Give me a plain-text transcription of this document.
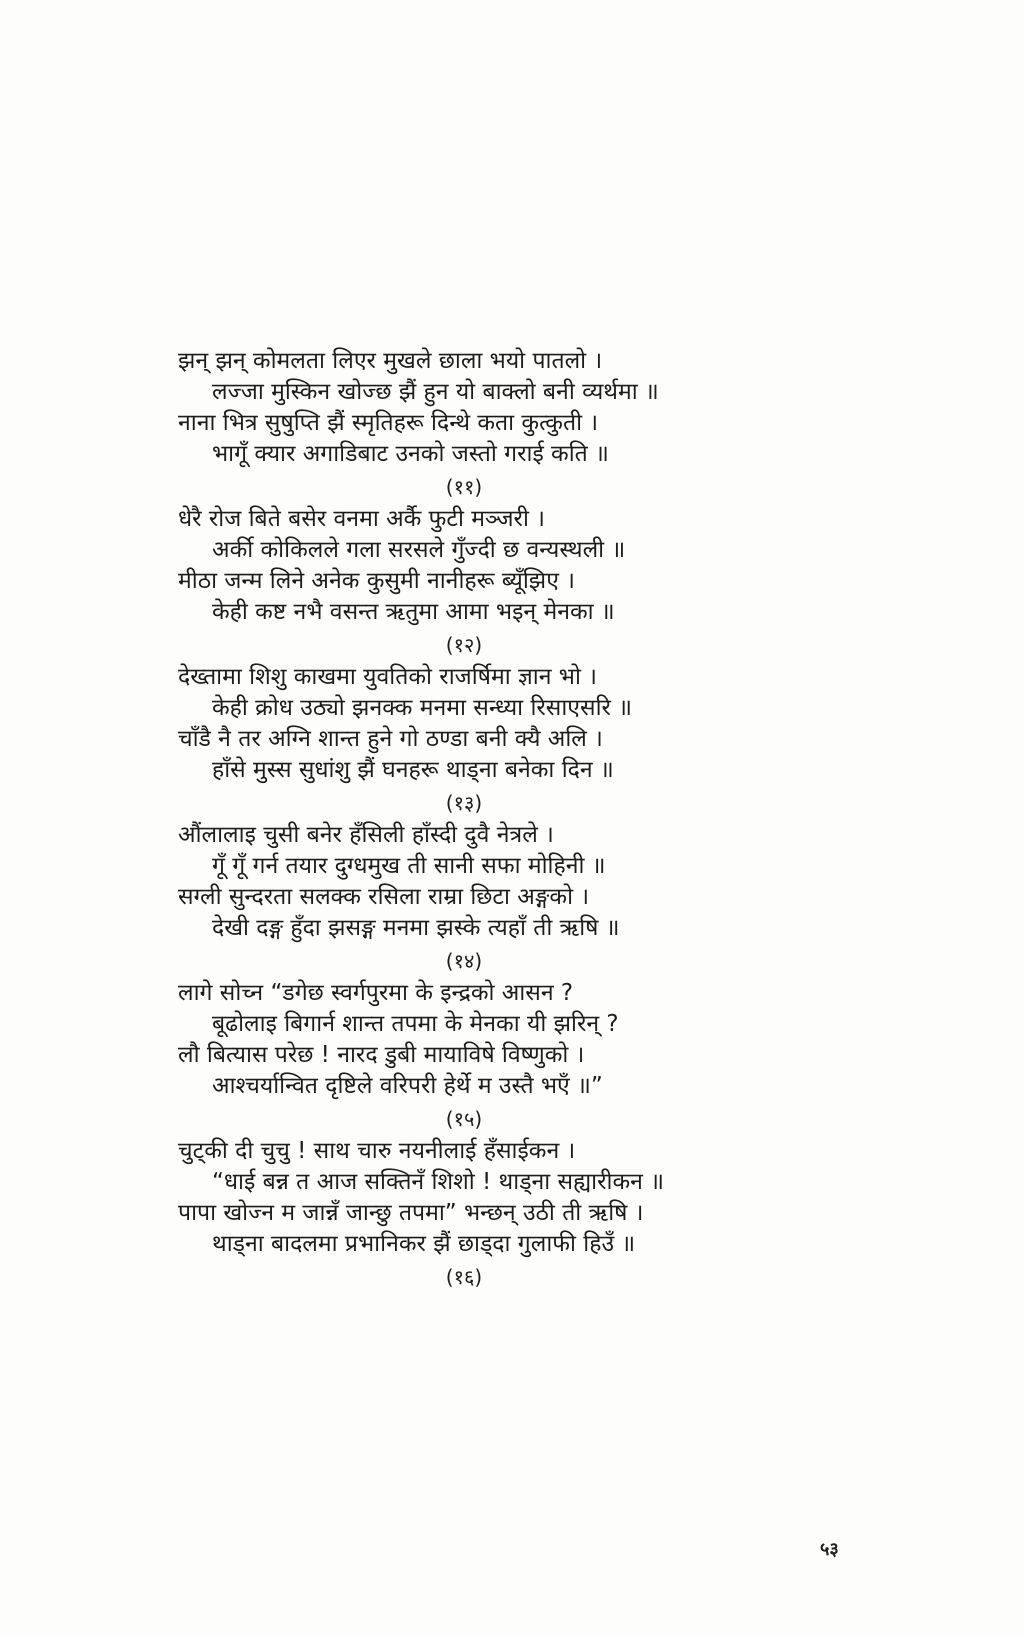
झन् झन् कोमलता लिएर मुखले छाला भयो पातलो ।

लज्जा मुस्किन खोज्छ झैं हुन यो बाक्लो बनी व्यर्थमा ॥

नाना भित्र सुषुप्ति झैं स्मृतिहरू दिन्थे कता कुत्कुती ।

भागूँ क्यार अगाडिबाट उनको जस्तो गराई कति ॥

(११)

धेरै रोज बिते बसेर वनमा अर्कै फुटी मञ्जरी ।

अर्की कोकिलले गला सरसले गुँज्दी छ वन्यस्थली ॥

मीठा जन्म लिने अनेक कुसुमी नानीहरू ब्यूँझिए ।

केही कष्ट नभै वसन्त ऋतुमा आमा भइन् मेनका ॥

(१२)

देख्तामा शिशु काखमा युवतिको राजर्षिमा ज्ञान भो ।

केही क्रोध उठ्यो झनक्क मनमा सन्ध्या रिसाएसरि ॥

चाँडै नै तर अग्नि शान्त हुने गो ठण्डा बनी क्यै अलि ।

हाँसे मुस्स सुधांशु झैं घनहरू थाड्ना बनेका दिन ॥

(१३)

औंलालाइ चुसी बनेर हँसिली हाँस्दी दुवै नेत्रले ।

गूँ गूँ गर्न तयार दुग्धमुख ती सानी सफा मोहिनी ॥

सग्ली सुन्दरता सलक्क रसिला राम्रा छिटा अङ्गको ।

देखी दङ्ग हुँदा झसङ्ग मनमा झस्के त्यहाँ ती ऋषि ॥

(१४)

लागे सोच्न “डगेछ स्वर्गपुरमा के इन्द्रको आसन ?

बूढोलाइ बिगार्न शान्त तपमा के मेनका यी झरिन् ?

लौ बित्यास परेछ ! नारद डुबी मायाविषे विष्णुको ।

आश्चर्यान्वित दृष्टिले वरिपरी हेर्थे म उस्तै भएँ ॥”

(१५)

चुट्की दी चुचु ! साथ चारु नयनीलाई हँसाईकन ।

“धाई बन्न त आज सक्तिनँ शिशो ! थाड्ना सह्यारीकन ॥

पापा खोज्न म जान्नँ जान्छु तपमा” भन्छन् उठी ती ऋषि ।

थाड्ना बादलमा प्रभानिकर झैं छाड्दा गुलाफी हिउँ ॥

(१६)

५३
